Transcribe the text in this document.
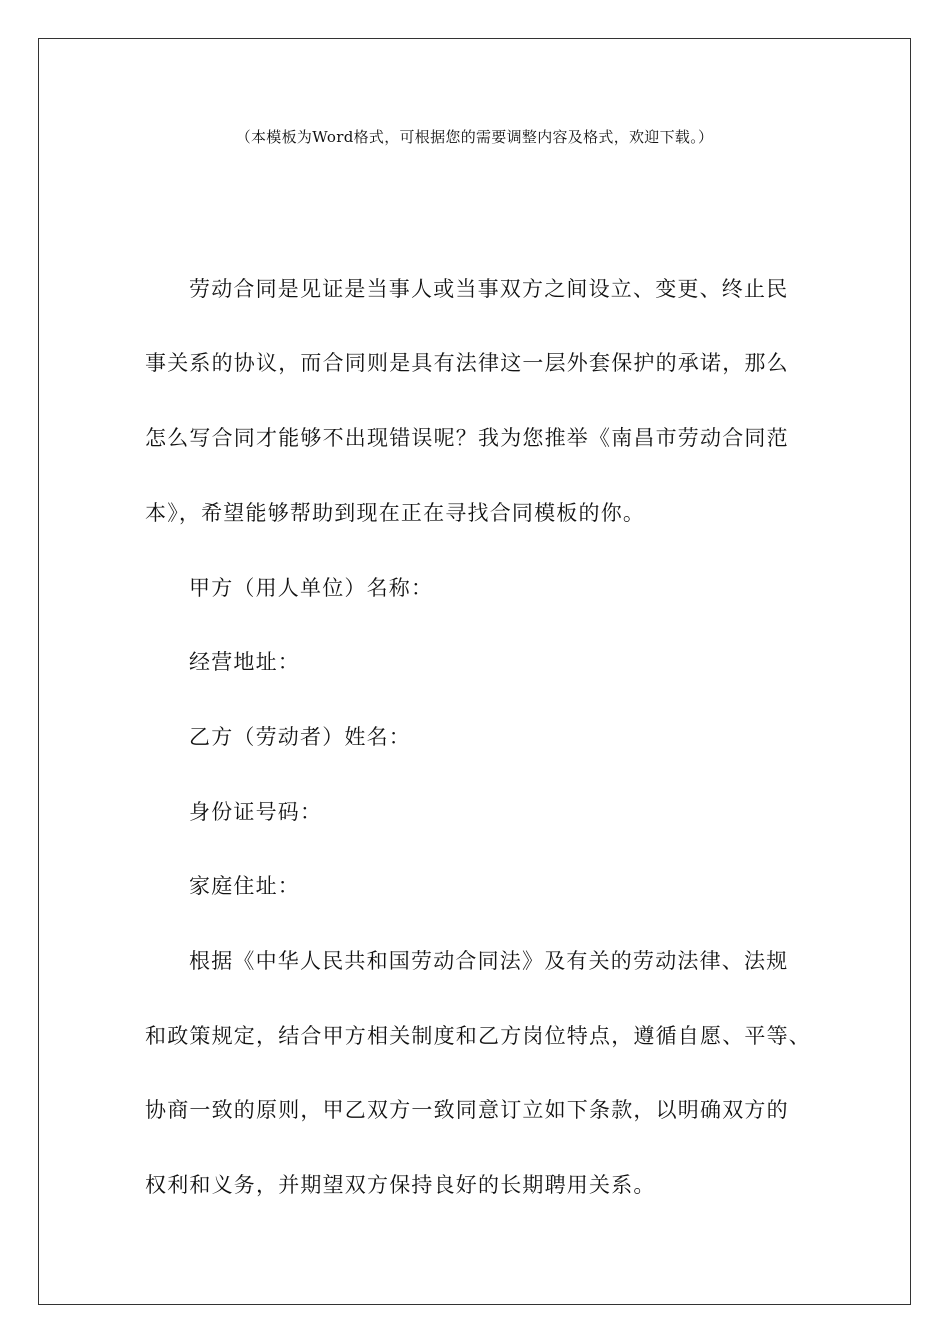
（本模板为Word格式，可根据您的需要调整内容及格式，欢迎下载。）
劳动合同是见证是当事人或当事双方之间设立、变更、终止民
事关系的协议，而合同则是具有法律这一层外套保护的承诺，那么
怎么写合同才能够不出现错误呢？我为您推举《南昌市劳动合同范
本》，希望能够帮助到现在正在寻找合同模板的你。
甲方（用人单位）名称：
经营地址：
乙方（劳动者）姓名：
身份证号码：
家庭住址：
根据《中华人民共和国劳动合同法》及有关的劳动法律、法规
和政策规定，结合甲方相关制度和乙方岗位特点，遵循自愿、平等、
协商一致的原则，甲乙双方一致同意订立如下条款，以明确双方的
权利和义务，并期望双方保持良好的长期聘用关系。
